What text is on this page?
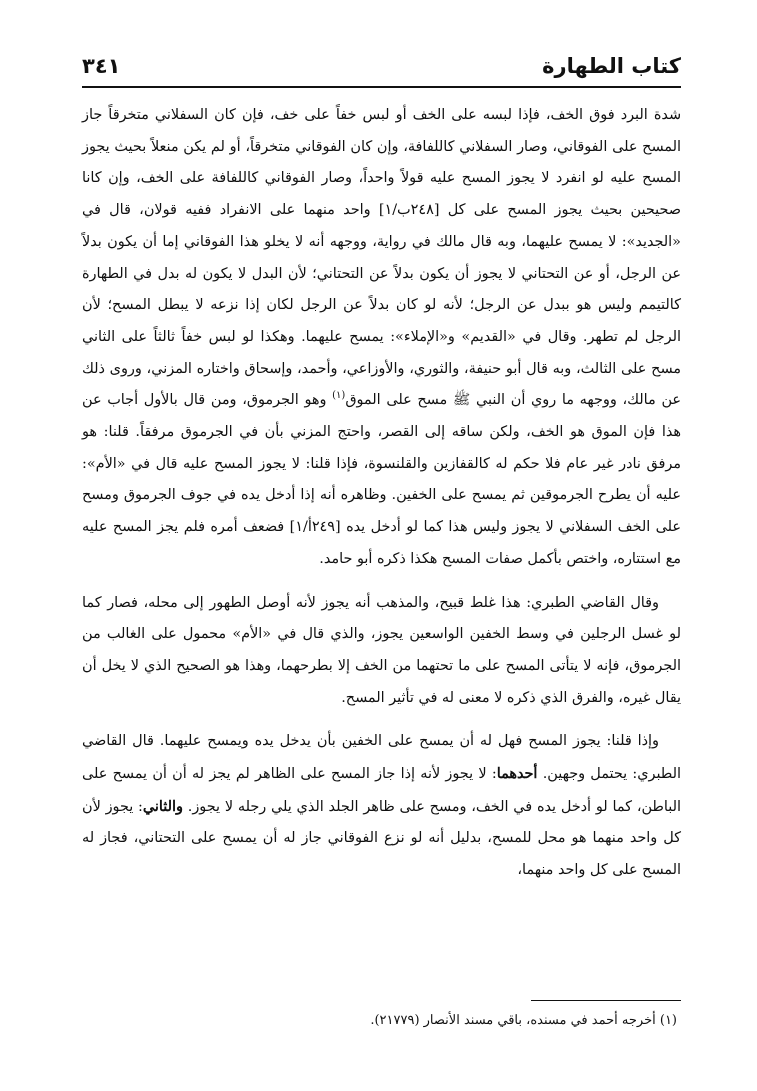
كتاب الطهارة
٣٤١

شدة البرد فوق الخف، فإذا لبسه على الخف أو لبس خفاً على خف، فإن كان السفلاني متخرقاً جاز المسح على الفوقاني، وصار السفلاني كاللفافة، وإن كان الفوقاني متخرقاً، أو لم يكن منعلاً بحيث يجوز المسح عليه لو انفرد لا يجوز المسح عليه قولاً واحداً، وصار الفوقاني كاللفافة على الخف، وإن كانا صحيحين بحيث يجوز المسح على كل [٢٤٨ب/١] واحد منهما على الانفراد ففيه قولان، قال في «الجديد»: لا يمسح عليهما، وبه قال مالك في رواية، ووجهه أنه لا يخلو هذا الفوقاني إما أن يكون بدلاً عن الرجل، أو عن التحتاني لا يجوز أن يكون بدلاً عن التحتاني؛ لأن البدل لا يكون له بدل في الطهارة كالتيمم وليس هو ببدل عن الرجل؛ لأنه لو كان بدلاً عن الرجل لكان إذا نزعه لا يبطل المسح؛ لأن الرجل لم تطهر. وقال في «القديم» و«الإملاء»: يمسح عليهما. وهكذا لو لبس خفاً ثالثاً على الثاني مسح على الثالث، وبه قال أبو حنيفة، والثوري، والأوزاعي، وأحمد، وإسحاق واختاره المزني، وروى ذلك عن مالك، ووجهه ما روي أن النبي ﷺ مسح على الموق$^{(١)}$ وهو الجرموق، ومن قال بالأول أجاب عن هذا فإن الموق هو الخف، ولكن ساقه إلى القصر، واحتج المزني بأن في الجرموق مرفقاً. قلنا: هو مرفق نادر غير عام فلا حكم له كالقفازين والقلنسوة، فإذا قلنا: لا يجوز المسح عليه قال في «الأم»: عليه أن يطرح الجرموقين ثم يمسح على الخفين. وظاهره أنه إذا أدخل يده في جوف الجرموق ومسح على الخف السفلاني لا يجوز وليس هذا كما لو أدخل يده [٢٤٩أ/١] فضعف أمره فلم يجز المسح عليه مع استتاره، واختص بأكمل صفات المسح هكذا ذكره أبو حامد.

وقال القاضي الطبري: هذا غلط قبيح، والمذهب أنه يجوز لأنه أوصل الطهور إلى محله، فصار كما لو غسل الرجلين في وسط الخفين الواسعين يجوز، والذي قال في «الأم» محمول على الغالب من الجرموق، فإنه لا يتأتى المسح على ما تحتهما من الخف إلا بطرحهما، وهذا هو الصحيح الذي لا يخل أن يقال غيره، والفرق الذي ذكره لا معنى له في تأثير المسح.

وإذا قلنا: يجوز المسح فهل له أن يمسح على الخفين بأن يدخل يده ويمسح عليهما. قال القاضي الطبري: يحتمل وجهين. أحدهما: لا يجوز لأنه إذا جاز المسح على الظاهر لم يجز له أن أن يمسح على الباطن، كما لو أدخل يده في الخف، ومسح على ظاهر الجلد الذي يلي رجله لا يجوز. والثاني: يجوز لأن كل واحد منهما هو محل للمسح، بدليل أنه لو نزع الفوقاني جاز له أن يمسح على التحتاني، فجاز له المسح على كل واحد منهما،

(١) أخرجه أحمد في مسنده، باقي مسند الأنصار (٢١٧٧٩).
